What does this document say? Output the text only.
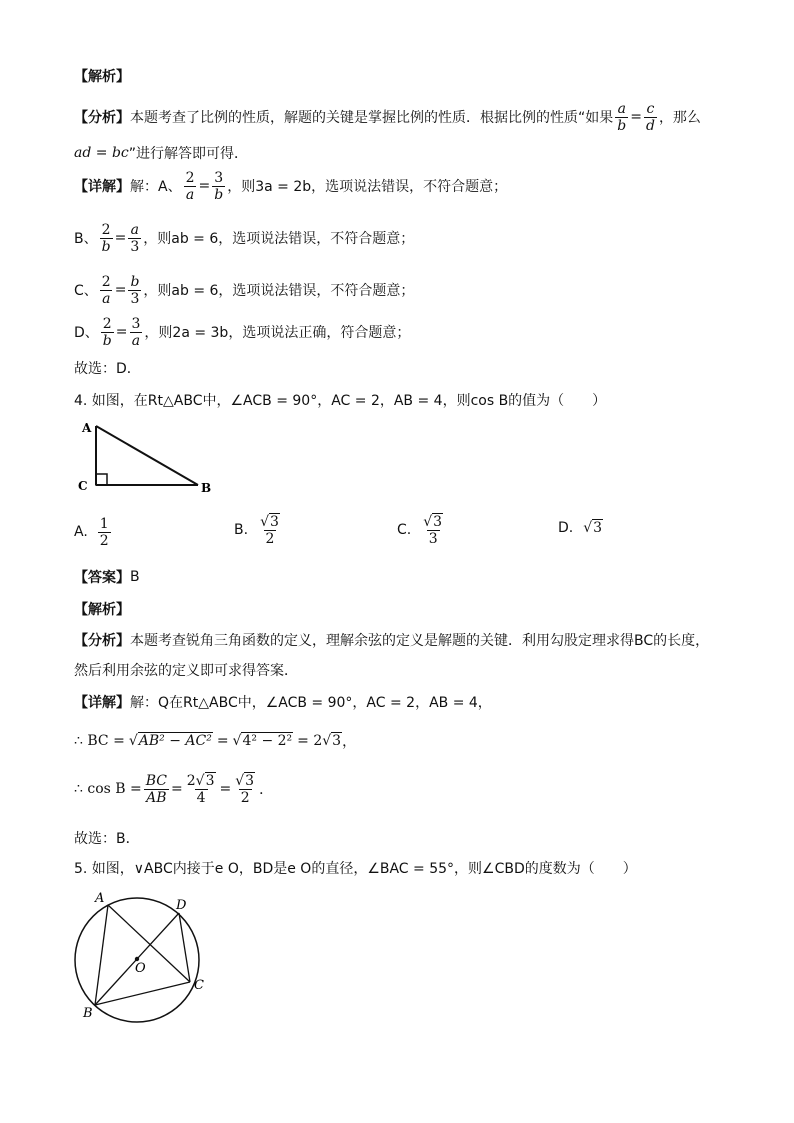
【解析】
【分析】 本题考查了比例的性质，解题的关键是掌握比例的性质．根据比例的性质“如果 $\frac{a}{b} = \frac{c}{d}$ ，那么
ad = bc ”进行解答即可得．
【详解】 解：A、 $\frac{2}{a} = \frac{3}{b}$ ，则3a = 2b，选项说法错误，不符合题意；
B、 $\frac{2}{b} = \frac{a}{3}$ ，则ab = 6，选项说法错误，不符合题意；
C、 $\frac{2}{a} = \frac{b}{3}$ ，则ab = 6，选项说法错误，不符合题意；
D、 $\frac{2}{b} = \frac{3}{a}$ ，则2a = 3b，选项说法正确，符合题意；
故选：D．
4. 如图，在Rt△ABC中，∠ACB = 90°，AC = 2，AB = 4，则cos B的值为（　　）
A
C	B
A. $\frac{1}{2}$	B. $\frac{√3}{2}$	C. $\frac{√3}{3}$	D. √3
【答案】 B
【解析】
【分析】 本题考查锐角三角函数的定义，理解余弦的定义是解题的关键．利用勾股定理求得BC的长度，
然后利用余弦的定义即可求得答案．
【详解】 解：Q在Rt△ABC中，∠ACB = 90°，AC = 2，AB = 4，
∴ BC = √AB² − AC² = √4² − 2² = 2 √3 ，
∴ $\cos B = \frac{BC}{AB} = \frac{2√3}{4} = \frac{√3}{2}$ ．
故选：B．
5. 如图，∨ABC内接于e O，BD是e O的直径，∠BAC = 55°，则∠CBD的度数为（　　）
A	D
O
C
B
